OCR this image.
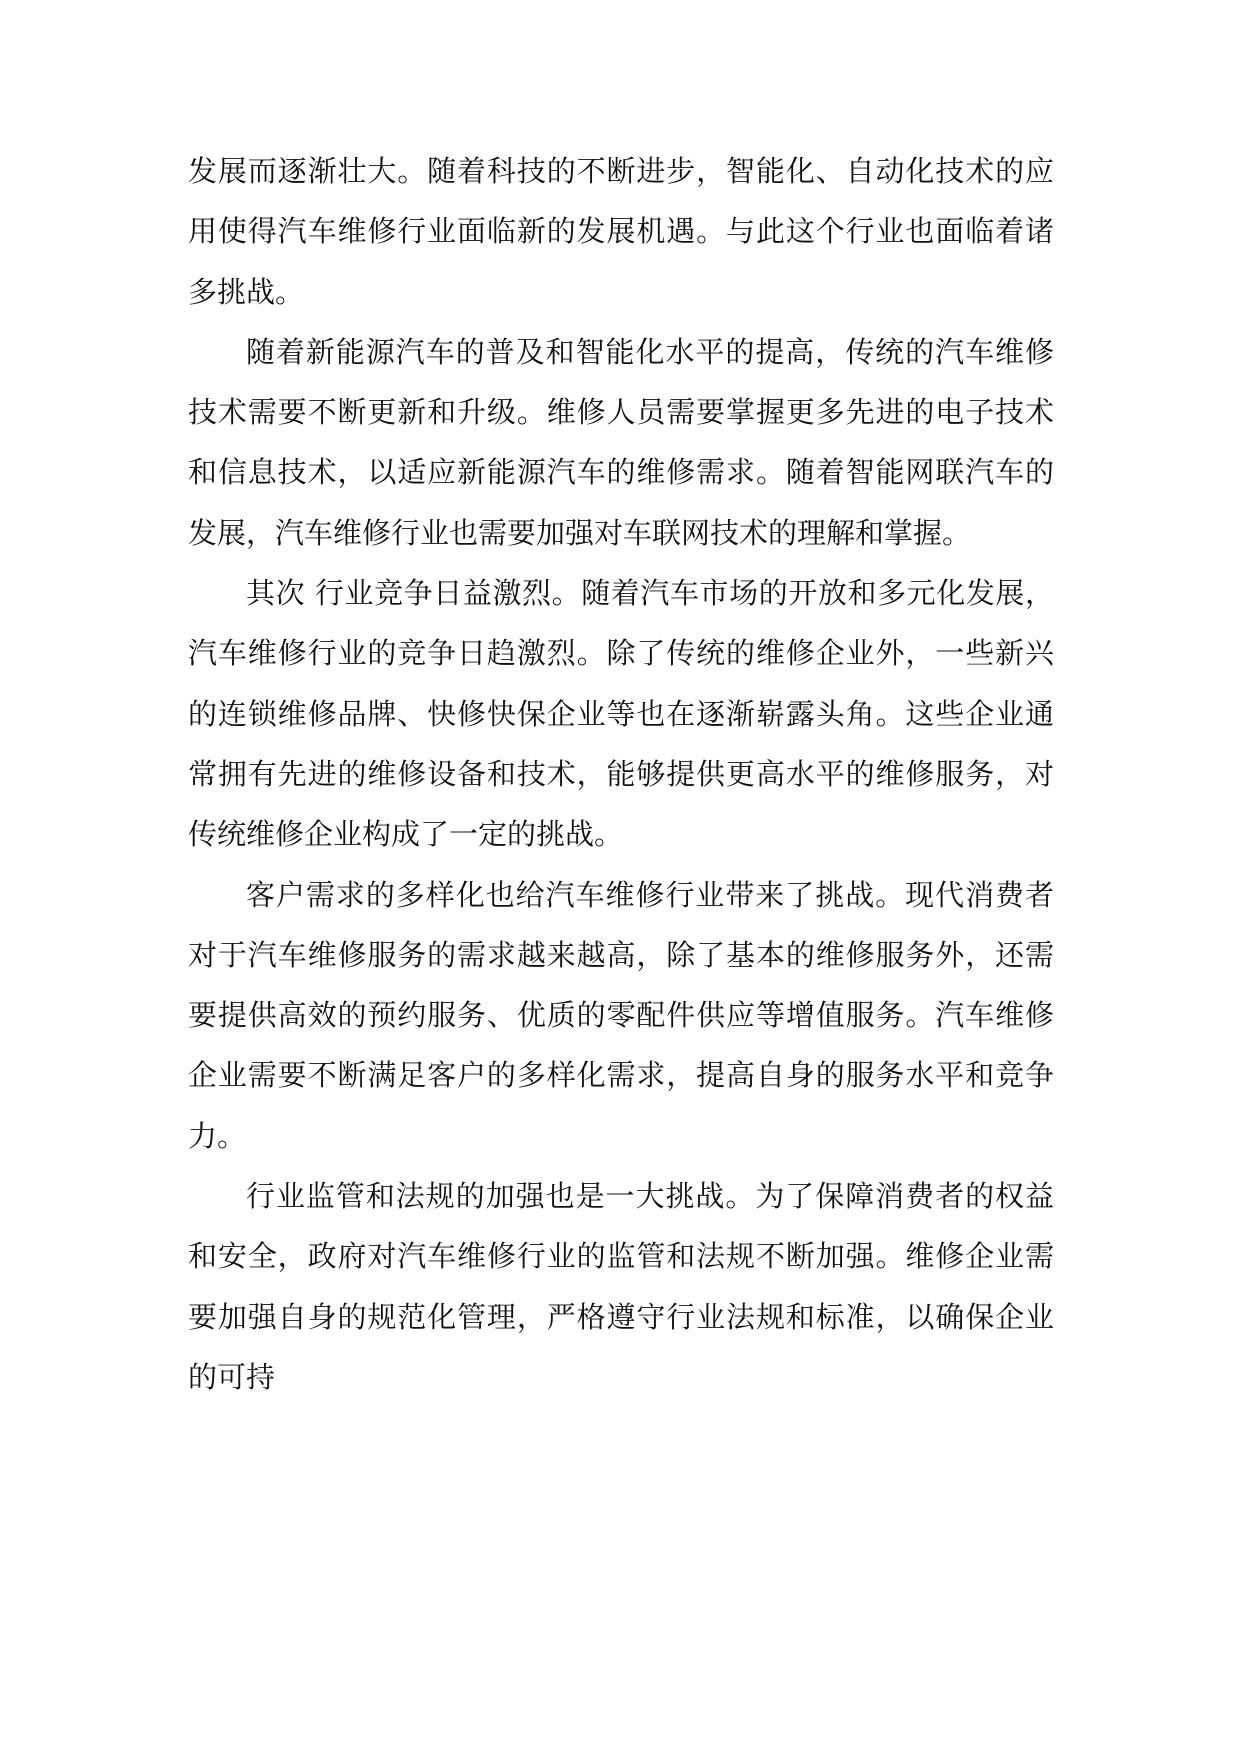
发展而逐渐壮大。随着科技的不断进步，智能化、自动化技术的应用使得汽车维修行业面临新的发展机遇。与此这个行业也面临着诸多挑战。

随着新能源汽车的普及和智能化水平的提高，传统的汽车维修技术需要不断更新和升级。维修人员需要掌握更多先进的电子技术和信息技术，以适应新能源汽车的维修需求。随着智能网联汽车的发展，汽车维修行业也需要加强对车联网技术的理解和掌握。

其次 行业竞争日益激烈。随着汽车市场的开放和多元化发展，汽车维修行业的竞争日趋激烈。除了传统的维修企业外，一些新兴的连锁维修品牌、快修快保企业等也在逐渐崭露头角。这些企业通常拥有先进的维修设备和技术，能够提供更高水平的维修服务，对传统维修企业构成了一定的挑战。

客户需求的多样化也给汽车维修行业带来了挑战。现代消费者对于汽车维修服务的需求越来越高，除了基本的维修服务外，还需要提供高效的预约服务、优质的零配件供应等增值服务。汽车维修企业需要不断满足客户的多样化需求，提高自身的服务水平和竞争力。

行业监管和法规的加强也是一大挑战。为了保障消费者的权益和安全，政府对汽车维修行业的监管和法规不断加强。维修企业需要加强自身的规范化管理，严格遵守行业法规和标准，以确保企业的可持
